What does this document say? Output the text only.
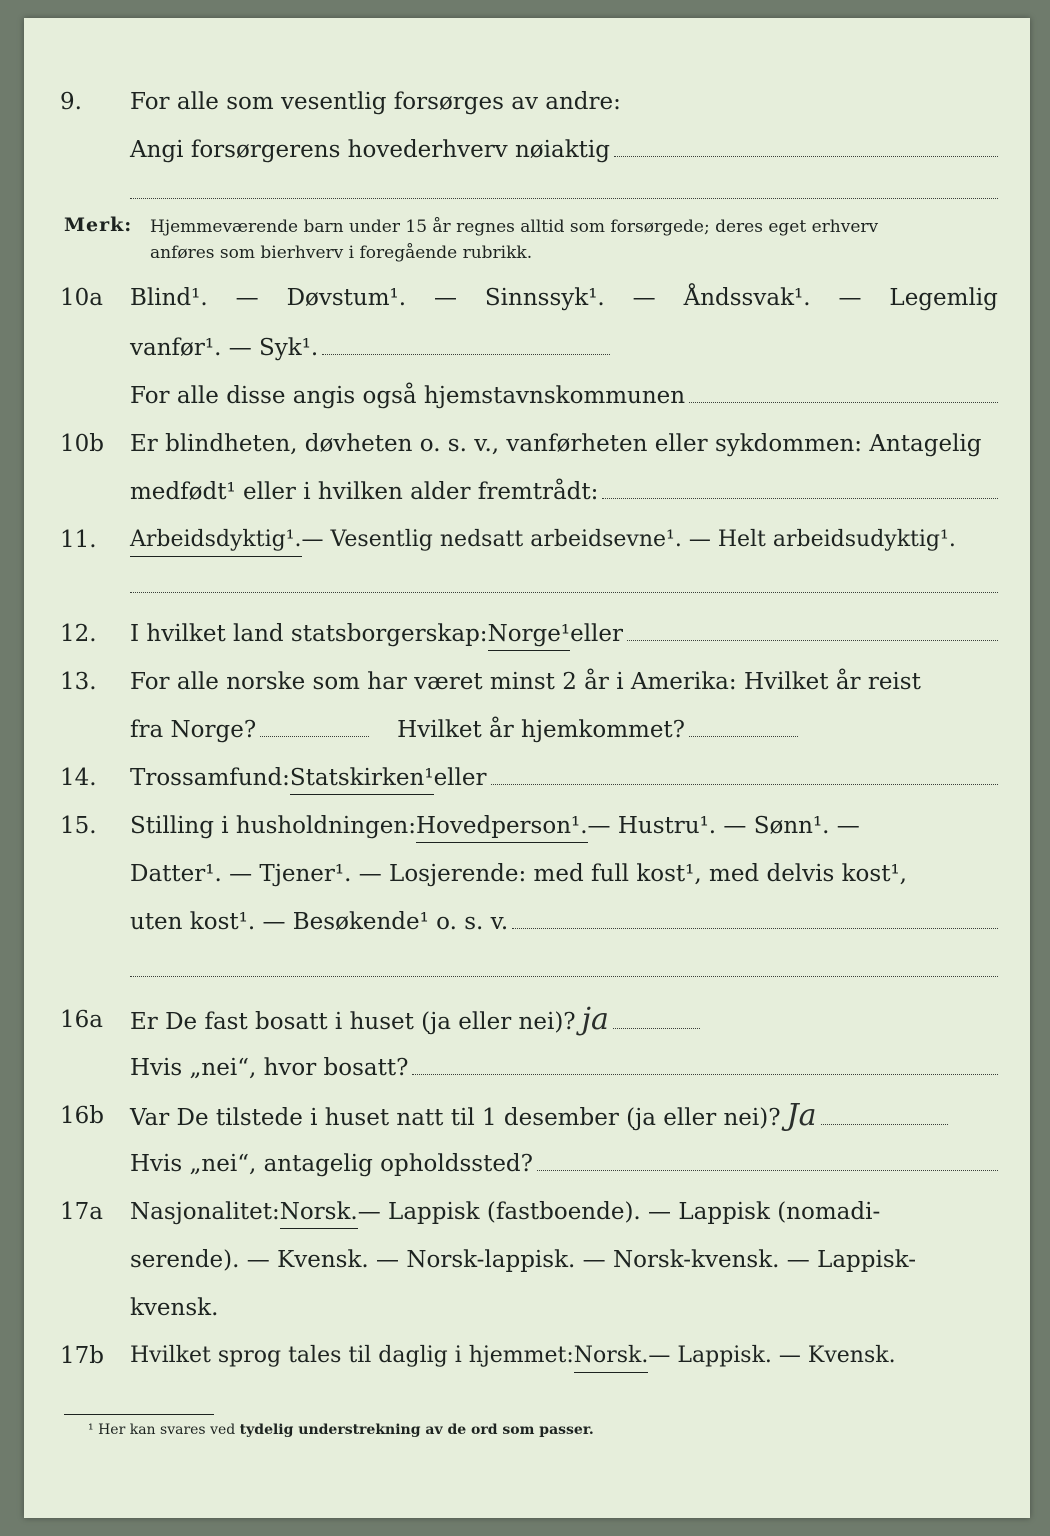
9.	For alle som vesentlig forsørges av andre:
Angi forsørgerens hovederhverv nøiaktig
Merk: Hjemmeværende barn under 15 år regnes alltid som forsørgede; deres eget erhverv
anføres som bierhverv i foregående rubrikk.
10a	Blind¹. — Døvstum¹. — Sinnssyk¹. — Åndssvak¹. — Legemlig
vanfør¹. — Syk¹.
For alle disse angis også hjemstavnskommunen
10b	Er blindheten, døvheten o. s. v., vanførheten eller sykdommen: Antagelig
medfødt¹ eller i hvilken alder fremtrådt:
11.	Arbeidsdyktig¹. — Vesentlig nedsatt arbeidsevne¹. — Helt arbeidsudyktig¹.
12.	I hvilket land statsborgerskap: Norge¹ eller
13.	For alle norske som har været minst 2 år i Amerika: Hvilket år reist
fra Norge?	Hvilket år hjemkommet?
14.	Trossamfund: Statskirken¹ eller
15.	Stilling i husholdningen: Hovedperson¹. — Hustru¹. — Sønn¹. —
Datter¹. — Tjener¹. — Losjerende: med full kost¹, med delvis kost¹,
uten kost¹. — Besøkende¹ o. s. v.
16a	Er De fast bosatt i huset (ja eller nei)? ja
Hvis „nei“, hvor bosatt?
16b	Var De tilstede i huset natt til 1 desember (ja eller nei)? Ja
Hvis „nei“, antagelig opholdssted?
17a	Nasjonalitet: Norsk. — Lappisk (fastboende). — Lappisk (nomadi-
serende). — Kvensk. — Norsk-lappisk. — Norsk-kvensk. — Lappisk-
kvensk.
17b	Hvilket sprog tales til daglig i hjemmet: Norsk. — Lappisk. — Kvensk.
¹ Her kan svares ved tydelig understrekning av de ord som passer.
